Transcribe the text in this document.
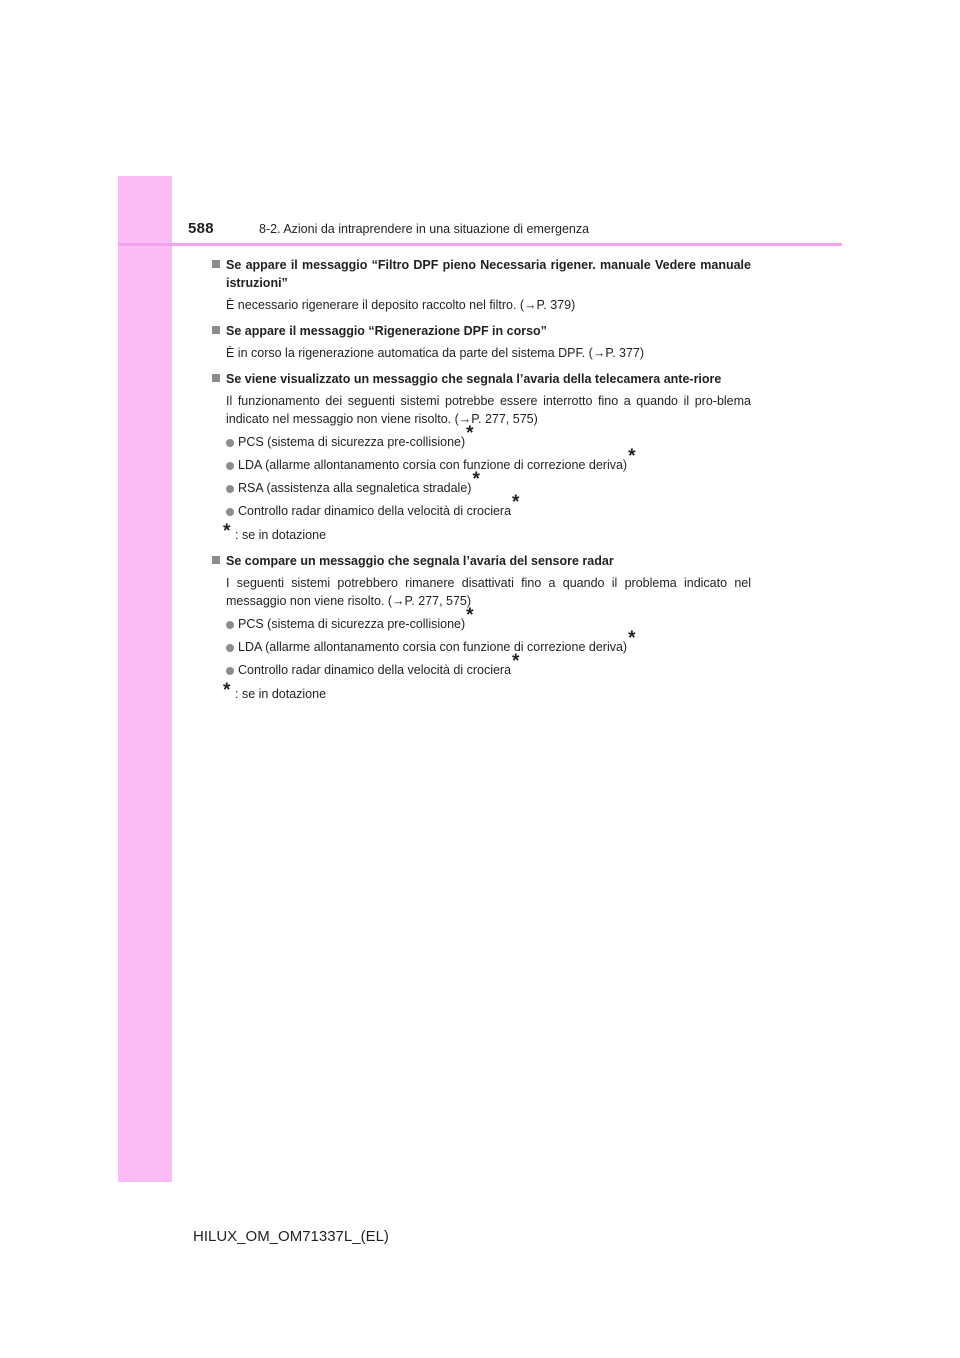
588	8-2. Azioni da intraprendere in una situazione di emergenza
Se appare il messaggio “Filtro DPF pieno Necessaria rigener. manuale Vedere manuale istruzioni”
È necessario rigenerare il deposito raccolto nel filtro. (→P. 379)
Se appare il messaggio “Rigenerazione DPF in corso”
È in corso la rigenerazione automatica da parte del sistema DPF. (→P. 377)
Se viene visualizzato un messaggio che segnala l’avaria della telecamera ante-riore
Il funzionamento dei seguenti sistemi potrebbe essere interrotto fino a quando il pro-blema indicato nel messaggio non viene risolto. (→P. 277, 575)
PCS (sistema di sicurezza pre-collisione)*
LDA (allarme allontanamento corsia con funzione di correzione deriva)*
RSA (assistenza alla segnaletica stradale)*
Controllo radar dinamico della velocità di crociera*
* : se in dotazione
Se compare un messaggio che segnala l’avaria del sensore radar
I seguenti sistemi potrebbero rimanere disattivati fino a quando il problema indicato nel messaggio non viene risolto. (→P. 277, 575)
PCS (sistema di sicurezza pre-collisione)*
LDA (allarme allontanamento corsia con funzione di correzione deriva)*
Controllo radar dinamico della velocità di crociera*
* : se in dotazione
HILUX_OM_OM71337L_(EL)
